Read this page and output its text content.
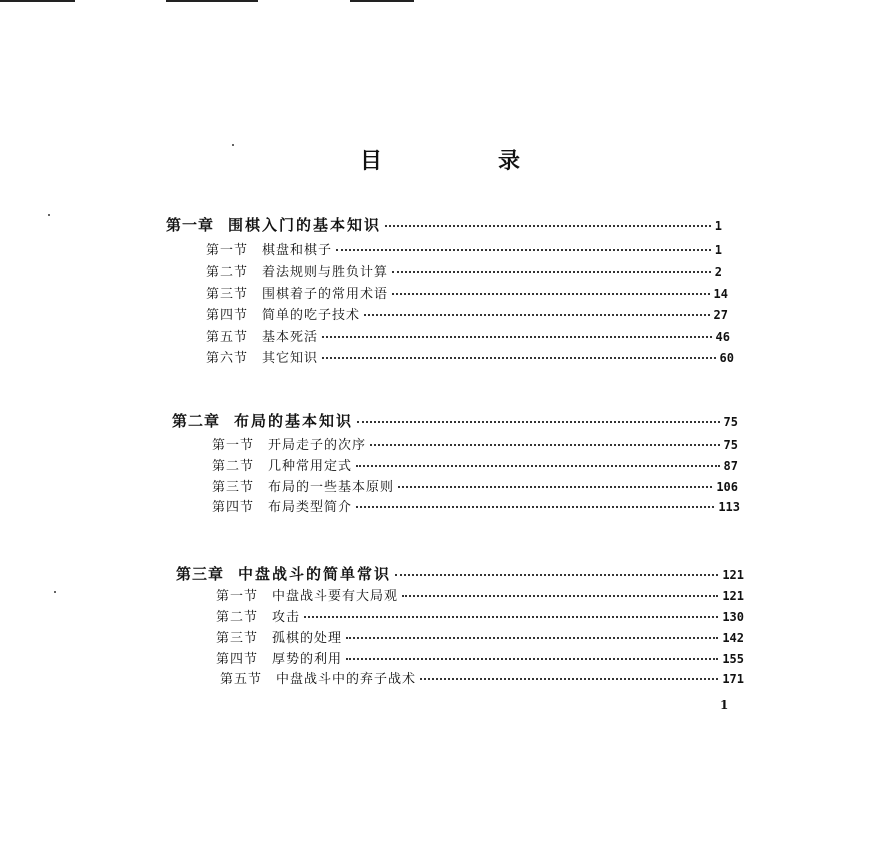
目	录
第一章 围棋入门的基本知识	1
第一节 棋盘和棋子	1
第二节 着法规则与胜负计算	2
第三节 围棋着子的常用术语	14
第四节 简单的吃子技术	27
第五节 基本死活	46
第六节 其它知识	60
第二章 布局的基本知识	75
第一节 开局走子的次序	75
第二节 几种常用定式	87
第三节 布局的一些基本原则	106
第四节 布局类型简介	113
第三章 中盘战斗的简单常识	121
第一节 中盘战斗要有大局观	121
第二节 攻击	130
第三节 孤棋的处理	142
第四节 厚势的利用	155
第五节 中盘战斗中的弃子战术	171
1
